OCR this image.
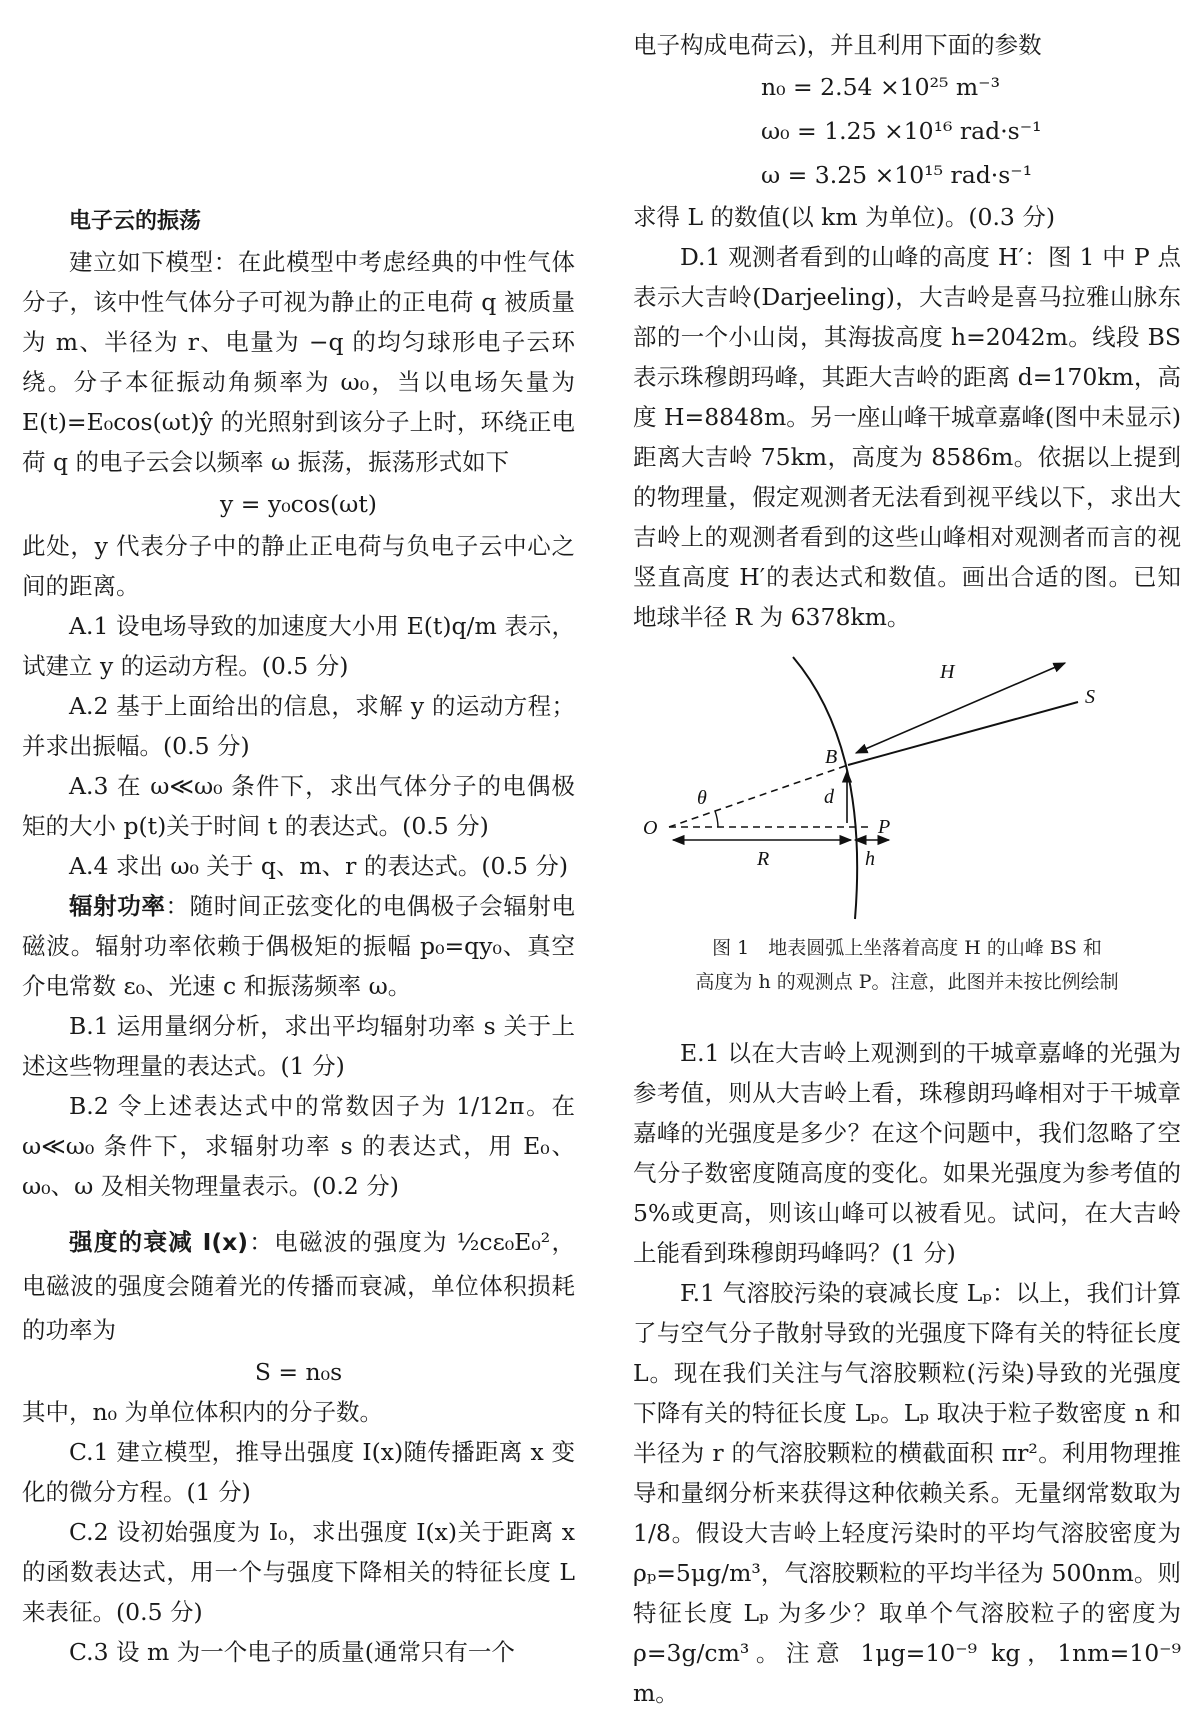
电子云的振荡

建立如下模型：在此模型中考虑经典的中性气体分子，该中性气体分子可视为静止的正电荷 q 被质量为 m、半径为 r、电量为 −q 的均匀球形电子云环绕。分子本征振动角频率为 ω₀，当以电场矢量为 E(t)=E₀cos(ωt)ŷ 的光照射到该分子上时，环绕正电荷 q 的电子云会以频率 ω 振荡，振荡形式如下

y = y₀cos(ωt)

此处，y 代表分子中的静止正电荷与负电子云中心之间的距离。

A.1 设电场导致的加速度大小用 E(t)q/m 表示，试建立 y 的运动方程。(0.5 分)

A.2 基于上面给出的信息，求解 y 的运动方程；并求出振幅。(0.5 分)

A.3 在 ω≪ω₀ 条件下，求出气体分子的电偶极矩的大小 p(t)关于时间 t 的表达式。(0.5 分)

A.4 求出 ω₀ 关于 q、m、r 的表达式。(0.5 分)

辐射功率：随时间正弦变化的电偶极子会辐射电磁波。辐射功率依赖于偶极矩的振幅 p₀=qy₀、真空介电常数 ε₀、光速 c 和振荡频率 ω。

B.1 运用量纲分析，求出平均辐射功率 s 关于上述这些物理量的表达式。(1 分)

B.2 令上述表达式中的常数因子为 1/12π。在 ω≪ω₀ 条件下，求辐射功率 s 的表达式，用 E₀、ω₀、ω 及相关物理量表示。(0.2 分)

强度的衰减 I(x)：电磁波的强度为 ½cε₀E₀²，电磁波的强度会随着光的传播而衰减，单位体积损耗的功率为

S = n₀s

其中，n₀ 为单位体积内的分子数。

C.1 建立模型，推导出强度 I(x)随传播距离 x 变化的微分方程。(1 分)

C.2 设初始强度为 I₀，求出强度 I(x)关于距离 x 的函数表达式，用一个与强度下降相关的特征长度 L 来表征。(0.5 分)

C.3 设 m 为一个电子的质量(通常只有一个

电子构成电荷云)，并且利用下面的参数

n₀ = 2.54 ×10²⁵ m⁻³

ω₀ = 1.25 ×10¹⁶ rad·s⁻¹

ω = 3.25 ×10¹⁵ rad·s⁻¹

求得 L 的数值(以 km 为单位)。(0.3 分)

D.1 观测者看到的山峰的高度 H′：图 1 中 P 点表示大吉岭(Darjeeling)，大吉岭是喜马拉雅山脉东部的一个小山岗，其海拔高度 h=2042m。线段 BS 表示珠穆朗玛峰，其距大吉岭的距离 d=170km，高度 H=8848m。另一座山峰干城章嘉峰(图中未显示)距离大吉岭 75km，高度为 8586m。依据以上提到的物理量，假定观测者无法看到视平线以下，求出大吉岭上的观测者看到的这些山峰相对观测者而言的视竖直高度 H′的表达式和数值。画出合适的图。已知地球半径 R 为 6378km。

H
S
B
θ	d
O	P
R	h

图 1　地表圆弧上坐落着高度 H 的山峰 BS 和

高度为 h 的观测点 P。注意，此图并未按比例绘制

E.1 以在大吉岭上观测到的干城章嘉峰的光强为参考值，则从大吉岭上看，珠穆朗玛峰相对于干城章嘉峰的光强度是多少？在这个问题中，我们忽略了空气分子数密度随高度的变化。如果光强度为参考值的 5%或更高，则该山峰可以被看见。试问，在大吉岭上能看到珠穆朗玛峰吗？(1 分)

F.1 气溶胶污染的衰减长度 Lₚ：以上，我们计算了与空气分子散射导致的光强度下降有关的特征长度 L。现在我们关注与气溶胶颗粒(污染)导致的光强度下降有关的特征长度 Lₚ。Lₚ 取决于粒子数密度 n 和半径为 r 的气溶胶颗粒的横截面积 πr²。利用物理推导和量纲分析来获得这种依赖关系。无量纲常数取为 1/8。假设大吉岭上轻度污染时的平均气溶胶密度为 ρₚ=5μg/m³，气溶胶颗粒的平均半径为 500nm。则特征长度 Lₚ 为多少？取单个气溶胶粒子的密度为 ρ=3g/cm³。注意 1μg=10⁻⁹ kg，1nm=10⁻⁹ m。
